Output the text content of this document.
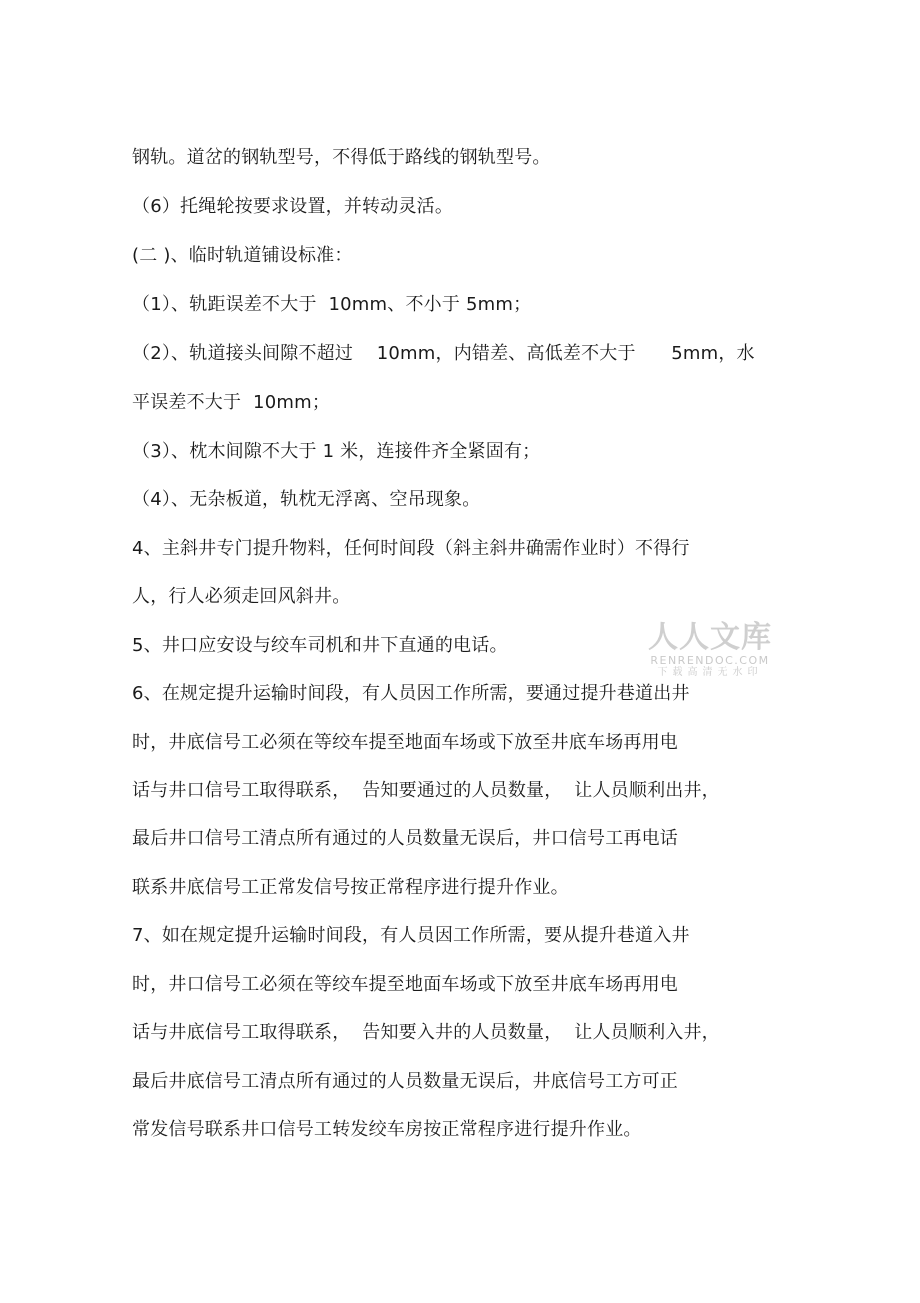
钢轨。道岔的钢轨型号，不得低于路线的钢轨型号。
（6）托绳轮按要求设置，并转动灵活。
(二 )、临时轨道铺设标准：
（1）、轨距误差不大于  10mm、不小于 5mm；
（2）、轨道接头间隙不超过    10mm，内错差、高低差不大于      5mm，水
平误差不大于  10mm；
（3）、枕木间隙不大于 1 米，连接件齐全紧固有；
（4）、无杂板道，轨枕无浮离、空吊现象。
4、主斜井专门提升物料，任何时间段（斜主斜井确需作业时）不得行
人，行人必须走回风斜井。
5、井口应安设与绞车司机和井下直通的电话。
6、在规定提升运输时间段，有人员因工作所需，要通过提升巷道出井
时，井底信号工必须在等绞车提至地面车场或下放至井底车场再用电
话与井口信号工取得联系，  告知要通过的人员数量，  让人员顺利出井，
最后井口信号工清点所有通过的人员数量无误后，井口信号工再电话
联系井底信号工正常发信号按正常程序进行提升作业。
7、如在规定提升运输时间段，有人员因工作所需，要从提升巷道入井
时，井口信号工必须在等绞车提至地面车场或下放至井底车场再用电
话与井底信号工取得联系，  告知要入井的人员数量，  让人员顺利入井，
最后井底信号工清点所有通过的人员数量无误后，井底信号工方可正
常发信号联系井口信号工转发绞车房按正常程序进行提升作业。
人人文库
RENRENDOC.COM
下载高清无水印
